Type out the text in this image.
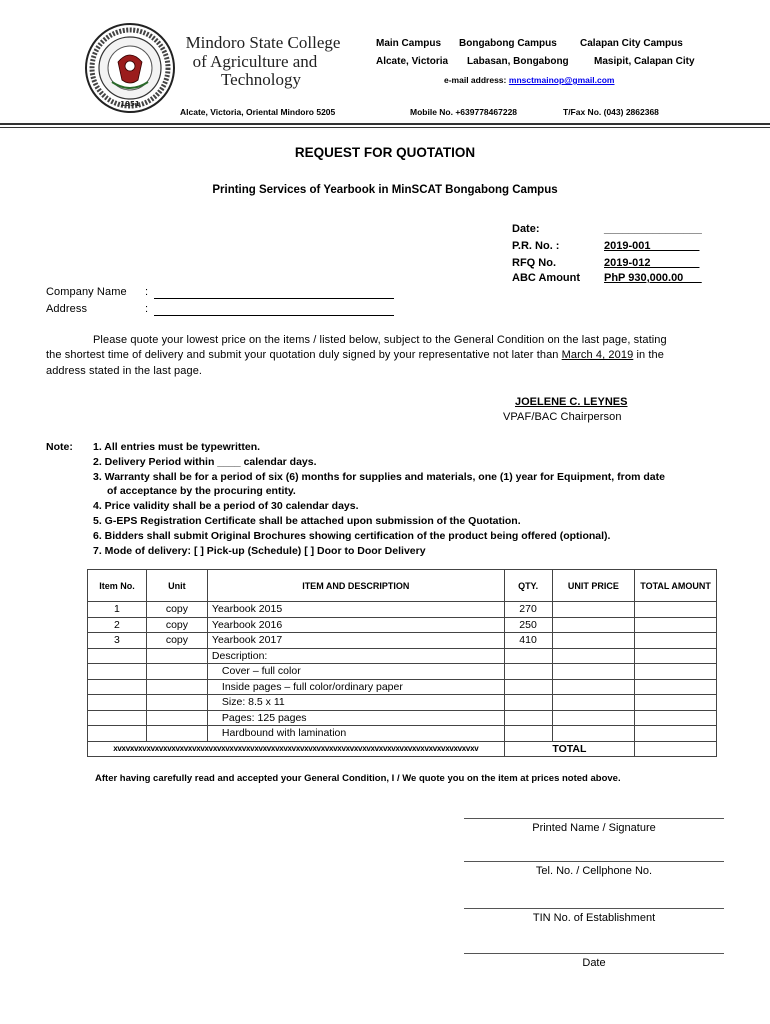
1951
Mindoro State College
of Agriculture and
Technology
Main Campus Bongabong Campus Calapan City Campus
Alcate, Victoria Labasan, Bongabong	Masipit, Calapan City
e-mail address: mnsctmainop@gmail.com
Alcate, Victoria, Oriental Mindoro 5205	Mobile No. +639778467228	T/Fax No. (043) 2862368
REQUEST FOR QUOTATION
Printing Services of Yearbook in MinSCAT Bongabong Campus
Date:	________________
P.R. No. :	2019-001________
RFQ No.	2019-012________
ABC Amount PhP 930,000.00___
Company Name :
Address	:
Please quote your lowest price on the items / listed below, subject to the General Condition on the last page, stating
the shortest time of delivery and submit your quotation duly signed by your representative not later than March 4, 2019 in the
address stated in the last page.
JOELENE C. LEYNES
VPAF/BAC Chairperson
Note: 1. All entries must be typewritten.
2. Delivery Period within ____ calendar days.
3. Warranty shall be for a period of six (6) months for supplies and materials, one (1) year for Equipment, from date
of acceptance by the procuring entity.
4. Price validity shall be a period of 30 calendar days.
5. G-EPS Registration Certificate shall be attached upon submission of the Quotation.
6. Bidders shall submit Original Brochures showing certification of the product being offered (optional).
7. Mode of delivery: [ ] Pick-up (Schedule) [ ] Door to Door Delivery
Item No.	Unit	ITEM AND DESCRIPTION	QTY.	UNIT PRICE	TOTAL AMOUNT
1	copy	Yearbook 2015	270		
2	copy	Yearbook 2016	250		
3	copy	Yearbook 2017	410		
		Description:			
		Cover – full color			
		Inside pages – full color/ordinary paper			
		Size: 8.5 x 11			
		Pages: 125 pages			
		Hardbound with lamination			
xvxvxvxvxvxvxvxvxvxvxvxvxvxvxvxvxvxvxvxvxvxvxvxvxvxvxvxvxvxvxvxvxvxvxvxvxvxvxvxvxvxvxvxv			TOTAL		
After having carefully read and accepted your General Condition, I / We quote you on the item at prices noted above.
Printed Name / Signature
Tel. No. / Cellphone No.
TIN No. of Establishment
Date
